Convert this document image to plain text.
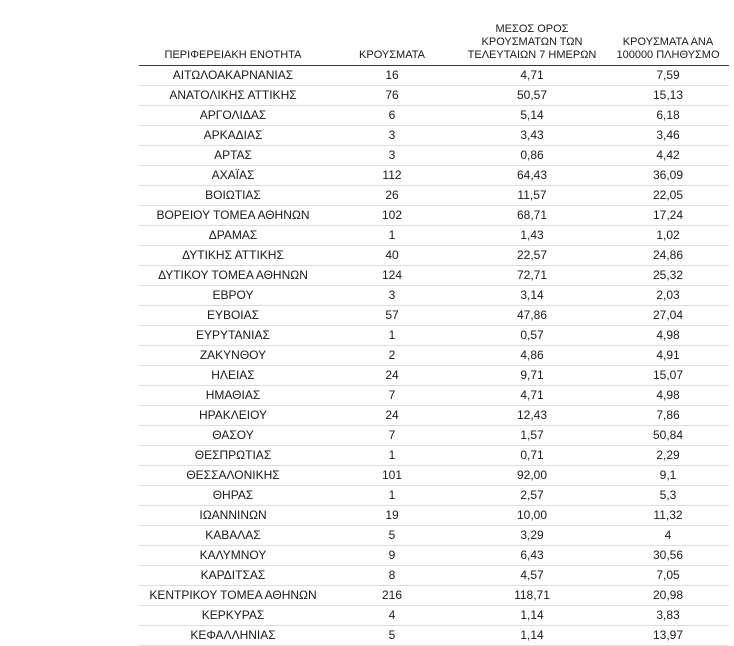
ΠΕΡΙΦΕΡΕΙΑΚΗ ΕΝΟΤΗΤΑ	ΚΡΟΥΣΜΑΤΑ	ΜΕΣΟΣ ΟΡΟΣ
ΚΡΟΥΣΜΑΤΩΝ ΤΩΝ
ΤΕΛΕΥΤΑΙΩΝ 7 ΗΜΕΡΩΝ	ΚΡΟΥΣΜΑΤΑ ΑΝΑ
100000 ΠΛΗΘΥΣΜΟ

ΑΙΤΩΛΟΑΚΑΡΝΑΝΙΑΣ	16	4,71	7,59
ΑΝΑΤΟΛΙΚΗΣ ΑΤΤΙΚΗΣ	76	50,57	15,13
ΑΡΓΟΛΙΔΑΣ	6	5,14	6,18
ΑΡΚΑΔΙΑΣ	3	3,43	3,46
ΑΡΤΑΣ	3	0,86	4,42
ΑΧΑΪΑΣ	112	64,43	36,09
ΒΟΙΩΤΙΑΣ	26	11,57	22,05
ΒΟΡΕΙΟΥ ΤΟΜΕΑ ΑΘΗΝΩΝ	102	68,71	17,24
ΔΡΑΜΑΣ	1	1,43	1,02
ΔΥΤΙΚΗΣ ΑΤΤΙΚΗΣ	40	22,57	24,86
ΔΥΤΙΚΟΥ ΤΟΜΕΑ ΑΘΗΝΩΝ	124	72,71	25,32
ΕΒΡΟΥ	3	3,14	2,03
ΕΥΒΟΙΑΣ	57	47,86	27,04
ΕΥΡΥΤΑΝΙΑΣ	1	0,57	4,98
ΖΑΚΥΝΘΟΥ	2	4,86	4,91
ΗΛΕΙΑΣ	24	9,71	15,07
ΗΜΑΘΙΑΣ	7	4,71	4,98
ΗΡΑΚΛΕΙΟΥ	24	12,43	7,86
ΘΑΣΟΥ	7	1,57	50,84
ΘΕΣΠΡΩΤΙΑΣ	1	0,71	2,29
ΘΕΣΣΑΛΟΝΙΚΗΣ	101	92,00	9,1
ΘΗΡΑΣ	1	2,57	5,3
ΙΩΑΝΝΙΝΩΝ	19	10,00	11,32
ΚΑΒΑΛΑΣ	5	3,29	4
ΚΑΛΥΜΝΟΥ	9	6,43	30,56
ΚΑΡΔΙΤΣΑΣ	8	4,57	7,05
ΚΕΝΤΡΙΚΟΥ ΤΟΜΕΑ ΑΘΗΝΩΝ	216	118,71	20,98
ΚΕΡΚΥΡΑΣ	4	1,14	3,83
ΚΕΦΑΛΛΗΝΙΑΣ	5	1,14	13,97
